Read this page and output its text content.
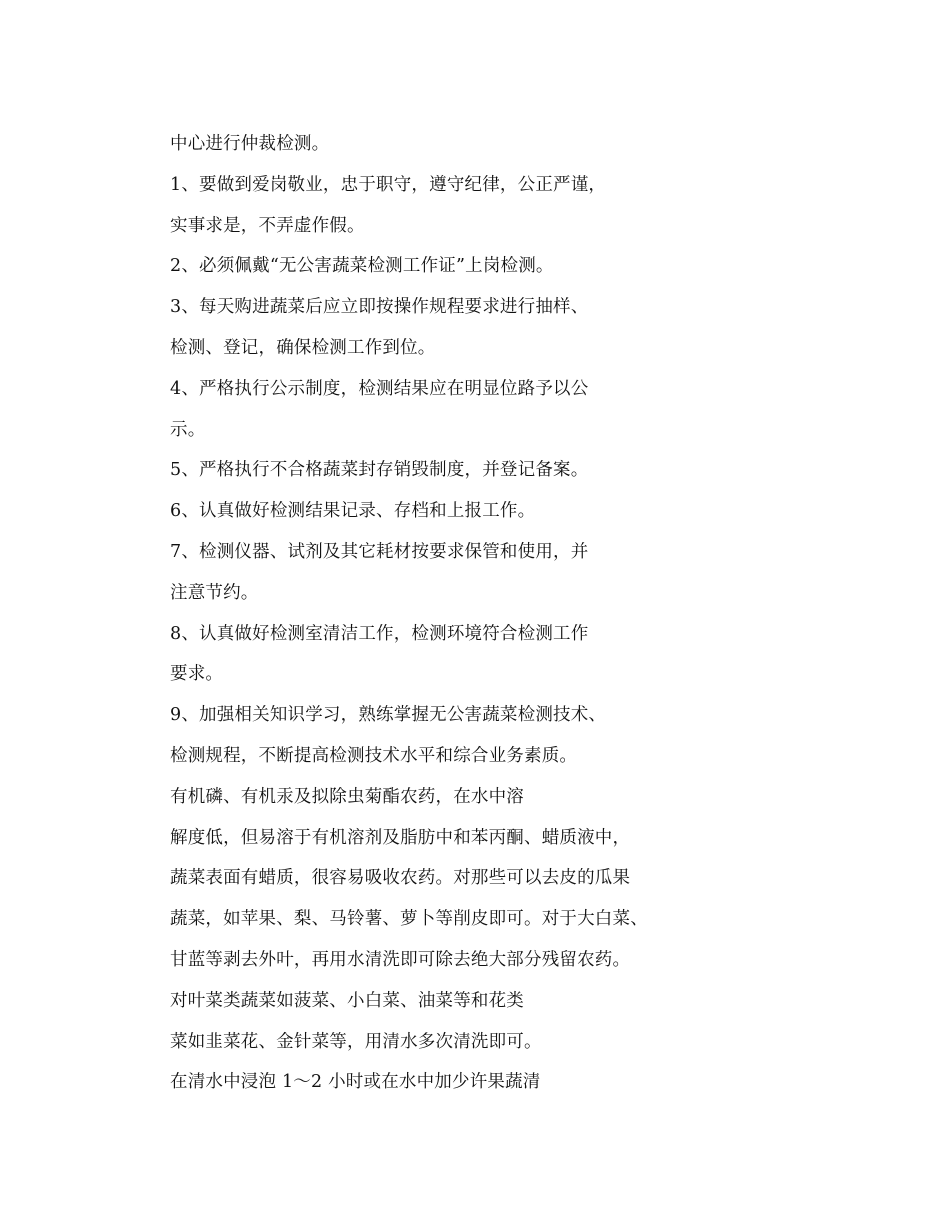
中心进行仲裁检测。
1、要做到爱岗敬业，忠于职守，遵守纪律，公正严谨，
实事求是，不弄虚作假。
2、必须佩戴“无公害蔬菜检测工作证”上岗检测。
3、每天购进蔬菜后应立即按操作规程要求进行抽样、
检测、登记，确保检测工作到位。
4、严格执行公示制度，检测结果应在明显位路予以公
示。
5、严格执行不合格蔬菜封存销毁制度，并登记备案。
6、认真做好检测结果记录、存档和上报工作。
7、检测仪器、试剂及其它耗材按要求保管和使用，并
注意节约。
8、认真做好检测室清洁工作，检测环境符合检测工作
要求。
9、加强相关知识学习，熟练掌握无公害蔬菜检测技术、
检测规程，不断提高检测技术水平和综合业务素质。
有机磷、有机汞及拟除虫菊酯农药，在水中溶
解度低，但易溶于有机溶剂及脂肪中和苯丙酮、蜡质液中，
蔬菜表面有蜡质，很容易吸收农药。对那些可以去皮的瓜果
蔬菜，如苹果、梨、马铃薯、萝卜等削皮即可。对于大白菜、
甘蓝等剥去外叶，再用水清洗即可除去绝大部分残留农药。
对叶菜类蔬菜如菠菜、小白菜、油菜等和花类
菜如韭菜花、金针菜等，用清水多次清洗即可。
在清水中浸泡 1～2 小时或在水中加少许果蔬清
